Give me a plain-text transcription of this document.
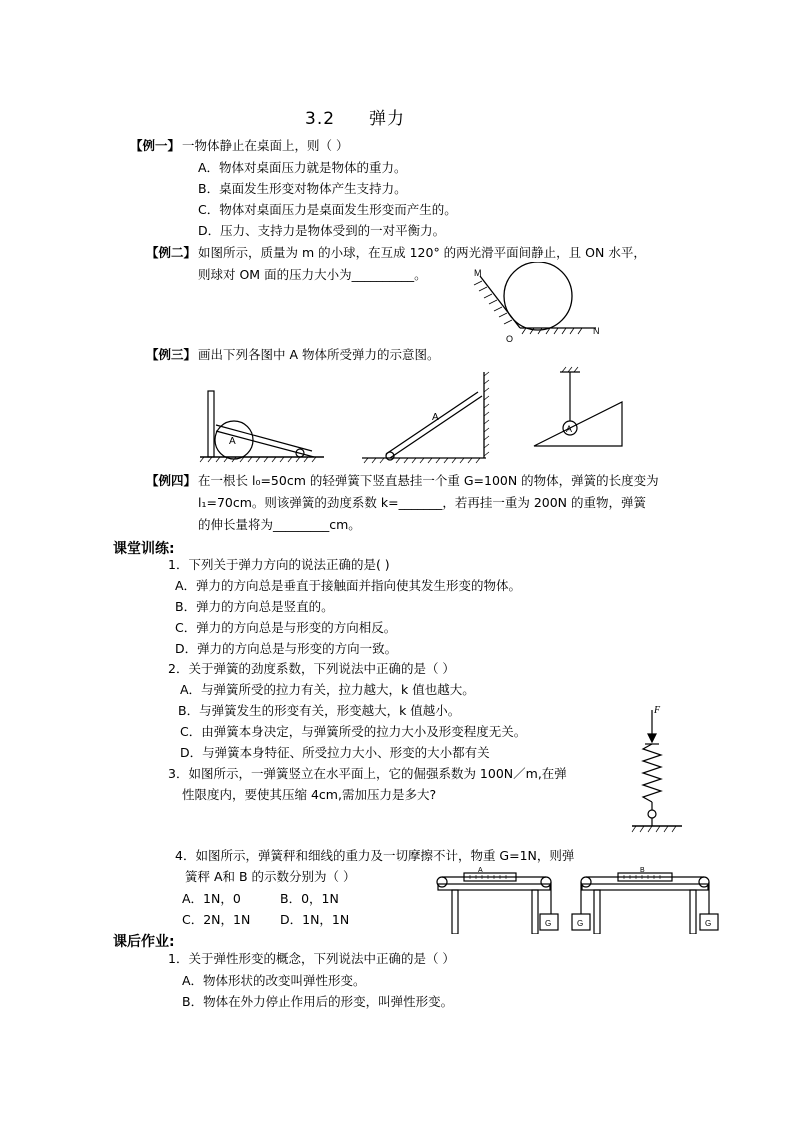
3.2 弹力
【例一】 一物体静止在桌面上，则（ ）
A．物体对桌面压力就是物体的重力。
B．桌面发生形变对物体产生支持力。
C．物体对桌面压力是桌面发生形变而产生的。
D．压力、支持力是物体受到的一对平衡力。
【例二】 如图所示，质量为 m 的小球，在互成 120° 的两光滑平面间静止，且 ON 水平，
则球对 OM 面的压力大小为__________。	M
N
O
【例三】 画出下列各图中 A 物体所受弹力的示意图。
A
A
A
【例四】 在一根长 l₀=50cm 的轻弹簧下竖直悬挂一个重 G=100N 的物体，弹簧的长度变为
l₁=70cm。则该弹簧的劲度系数 k=_______，若再挂一重为 200N 的重物，弹簧
的伸长量将为_________cm。
课堂训练:
1．下列关于弹力方向的说法正确的是( )
A．弹力的方向总是垂直于接触面并指向使其发生形变的物体。
B．弹力的方向总是竖直的。
C．弹力的方向总是与形变的方向相反。
D．弹力的方向总是与形变的方向一致。
2．关于弹簧的劲度系数，下列说法中正确的是（ ）
A．与弹簧所受的拉力有关，拉力越大，k 值也越大。
B．与弹簧发生的形变有关，形变越大，k 值越小。
C．由弹簧本身决定，与弹簧所受的拉力大小及形变程度无关。
D．与弹簧本身特征、所受拉力大小、形变的大小都有关
3．如图所示，一弹簧竖立在水平面上，它的倔强系数为 100N／m,在弹
性限度内，要使其压缩 4cm,需加压力是多大?
F
4．如图所示，弹簧秤和细线的重力及一切摩擦不计，物重 G=1N，则弹
簧秤 A和 B 的示数分别为（ ）
A．1N，0	B．0，1N
C．2N，1N D．1N，1N
A
G
B
G	G
课后作业:
1．关于弹性形变的概念，下列说法中正确的是（ ）
A．物体形状的改变叫弹性形变。
B．物体在外力停止作用后的形变，叫弹性形变。
